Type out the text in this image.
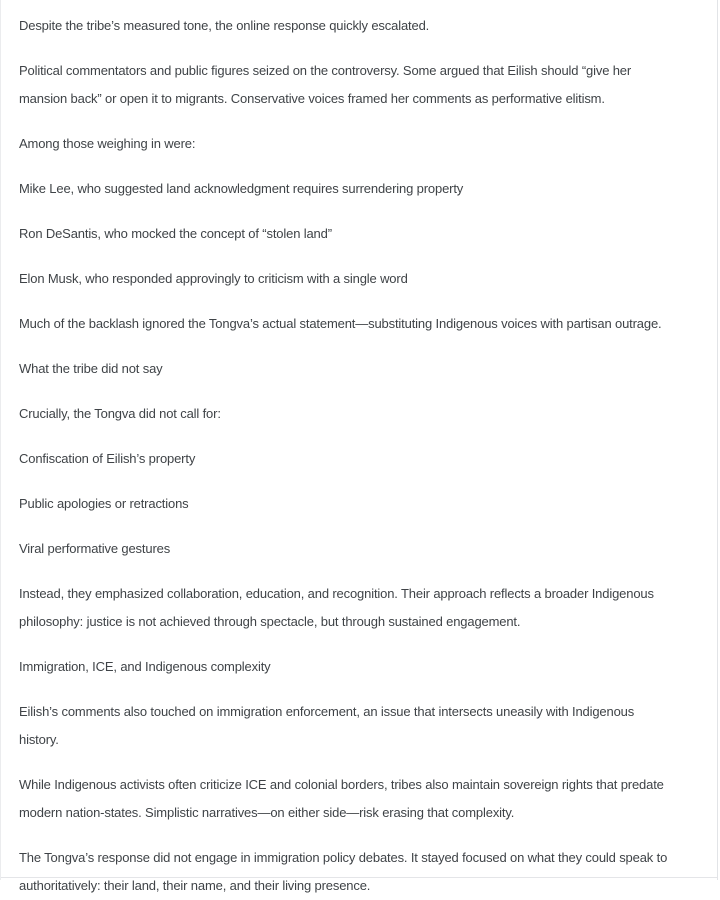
Despite the tribe’s measured tone, the online response quickly escalated.

Political commentators and public figures seized on the controversy. Some argued that Eilish should “give her
mansion back” or open it to migrants. Conservative voices framed her comments as performative elitism.

Among those weighing in were:

Mike Lee, who suggested land acknowledgment requires surrendering property

Ron DeSantis, who mocked the concept of “stolen land”

Elon Musk, who responded approvingly to criticism with a single word

Much of the backlash ignored the Tongva’s actual statement—substituting Indigenous voices with partisan outrage.

What the tribe did not say

Crucially, the Tongva did not call for:

Confiscation of Eilish’s property

Public apologies or retractions

Viral performative gestures

Instead, they emphasized collaboration, education, and recognition. Their approach reflects a broader Indigenous
philosophy: justice is not achieved through spectacle, but through sustained engagement.

Immigration, ICE, and Indigenous complexity

Eilish’s comments also touched on immigration enforcement, an issue that intersects uneasily with Indigenous
history.

While Indigenous activists often criticize ICE and colonial borders, tribes also maintain sovereign rights that predate
modern nation-states. Simplistic narratives—on either side—risk erasing that complexity.

The Tongva’s response did not engage in immigration policy debates. It stayed focused on what they could speak to
authoritatively: their land, their name, and their living presence.
